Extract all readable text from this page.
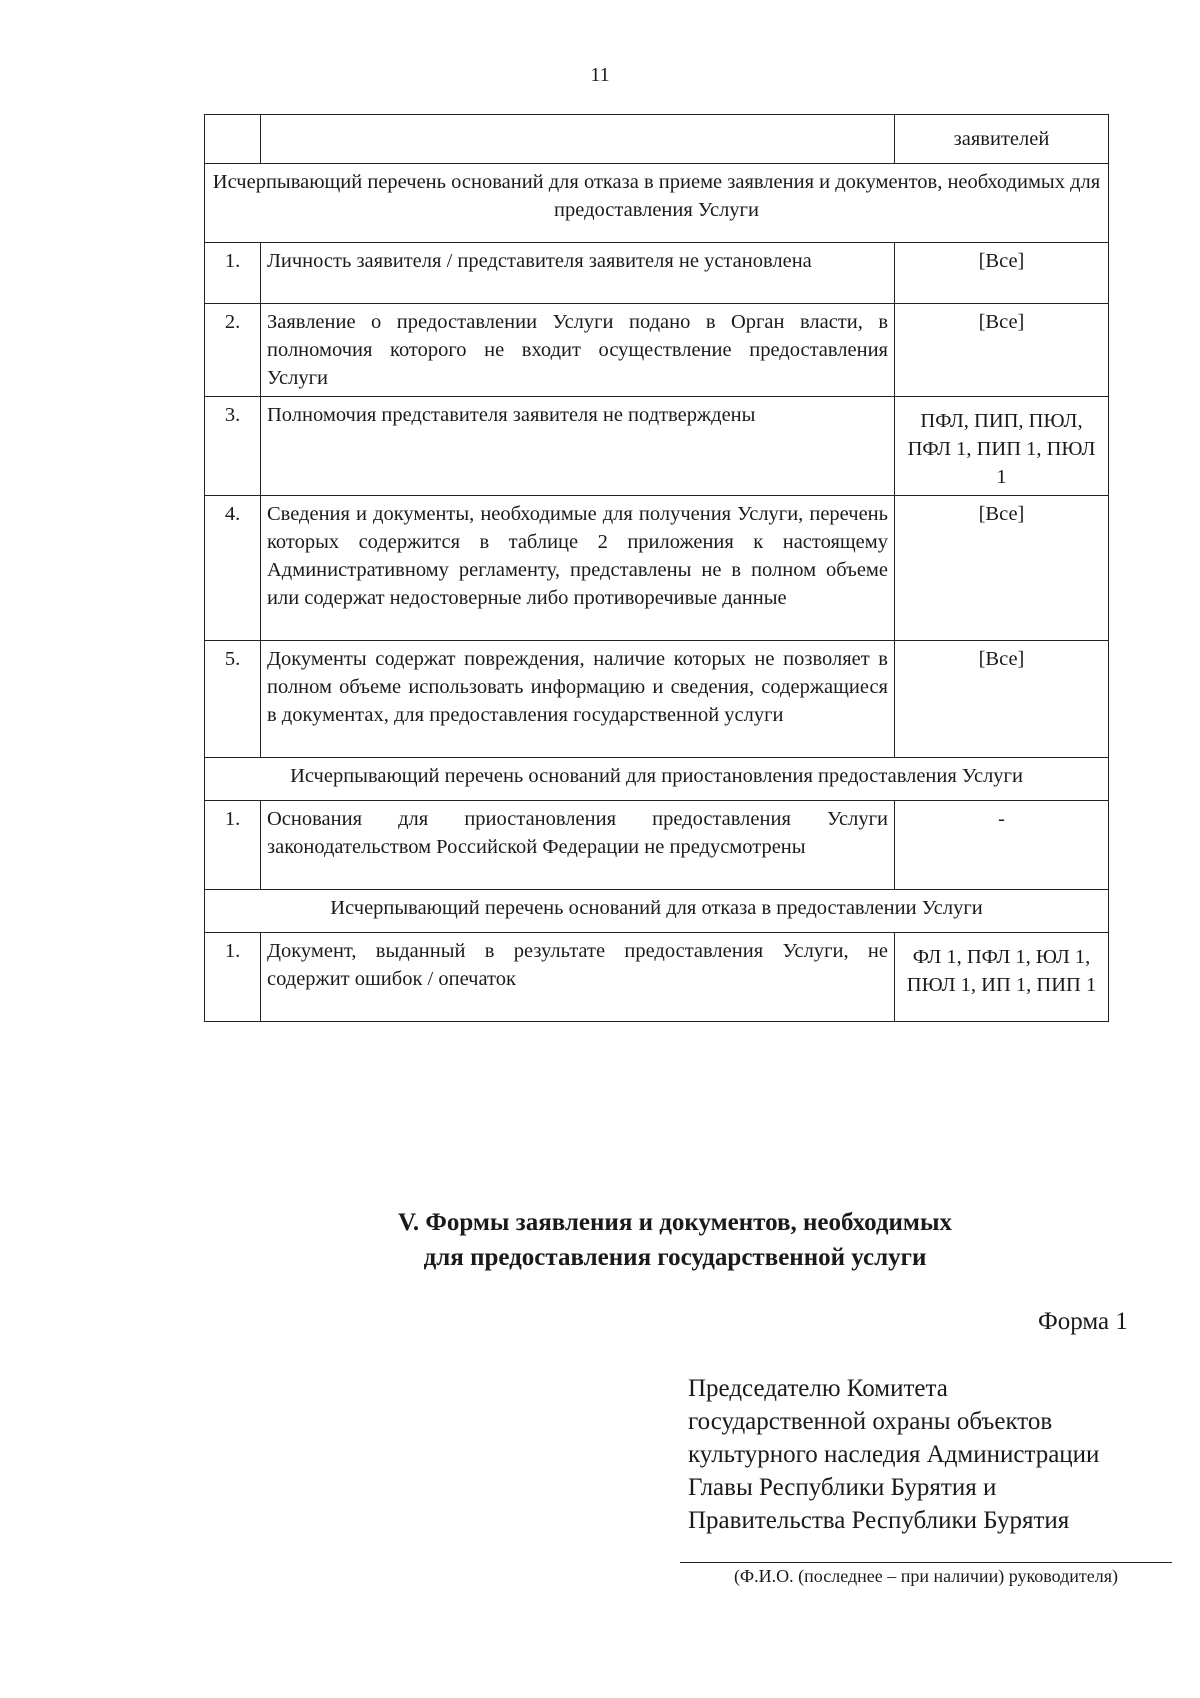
11
		заявителей
Исчерпывающий перечень оснований для отказа в приеме заявления и документов, необходимых для предоставления Услуги		
1.	Личность заявителя / представителя заявителя не установлена	[Все]
2.	Заявление о предоставлении Услуги подано в Орган власти, в полномочия которого не входит осуществление предоставления Услуги	[Все]
3.	Полномочия представителя заявителя не подтверждены	ПФЛ, ПИП, ПЮЛ, ПФЛ 1, ПИП 1, ПЮЛ 1
4.	Сведения и документы, необходимые для получения Услуги, перечень которых содержится в таблице 2 приложения к настоящему Административному регламенту, представлены не в полном объеме или содержат недостоверные либо противоречивые данные	[Все]
5.	Документы содержат повреждения, наличие которых не позволяет в полном объеме использовать информацию и сведения, содержащиеся в документах, для предоставления государственной услуги	[Все]
Исчерпывающий перечень оснований для приостановления предоставления Услуги		
1.	Основания для приостановления предоставления Услуги законодательством Российской Федерации не предусмотрены	-
Исчерпывающий перечень оснований для отказа в предоставлении Услуги		
1.	Документ, выданный в результате предоставления Услуги, не содержит ошибок / опечаток	ФЛ 1, ПФЛ 1, ЮЛ 1, ПЮЛ 1, ИП 1, ПИП 1
V. Формы заявления и документов, необходимых
для предоставления государственной услуги
Форма 1
Председателю Комитета
государственной охраны объектов
культурного наследия Администрации
Главы Республики Бурятия и
Правительства Республики Бурятия
(Ф.И.О. (последнее – при наличии) руководителя)
